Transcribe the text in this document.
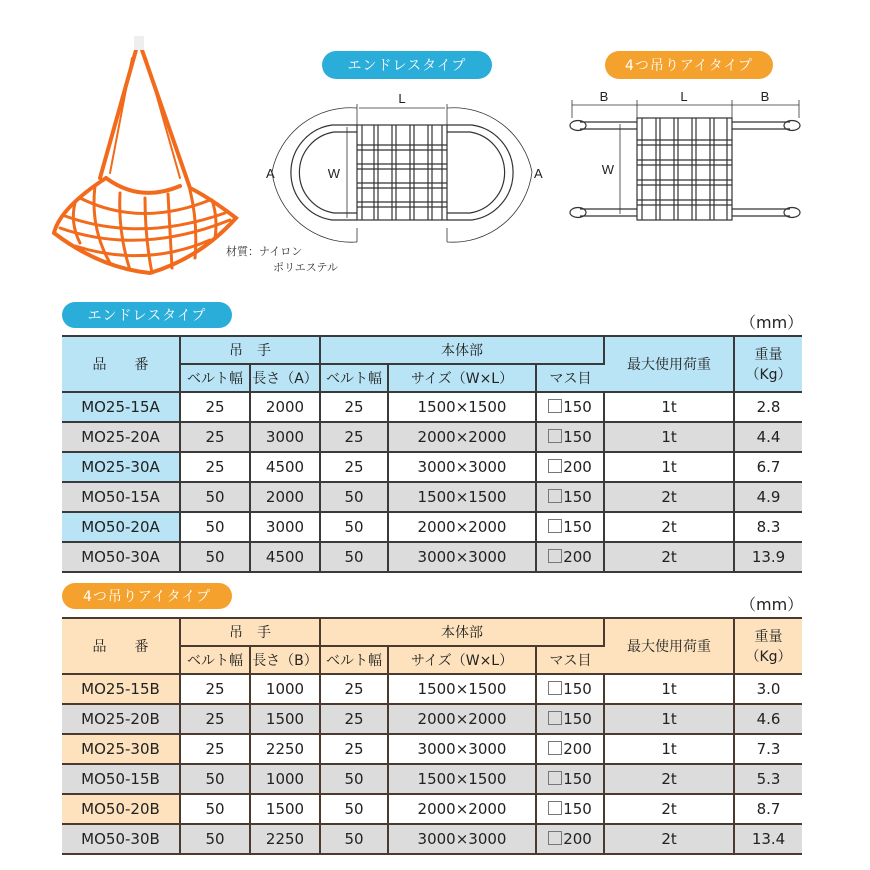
エンドレスタイプ	4つ吊りアイタイプ
L
W
A	A
B	L	B
W
材質：ナイロン
ポリエステル
エンドレスタイプ	（mm）
品　　番	吊　手		本体部			最大使用荷重	重量
（Kg）

	ベルト幅	長さ（A）	ベルト幅	サイズ（W×L）	マス目		
MO25-15A	25	2000	25	1500×1500	150	1t	2.8
MO25-20A	25	3000	25	2000×2000	150	1t	4.4
MO25-30A	25	4500	25	3000×3000	200	1t	6.7
MO50-15A	50	2000	50	1500×1500	150	2t	4.9
MO50-20A	50	3000	50	2000×2000	150	2t	8.3
MO50-30A	50	4500	50	3000×3000	200	2t	13.9
4つ吊りアイタイプ	（mm）
品　　番	吊　手		本体部			最大使用荷重	重量
（Kg）

	ベルト幅	長さ（B）	ベルト幅	サイズ（W×L）	マス目		
MO25-15B	25	1000	25	1500×1500	150	1t	3.0
MO25-20B	25	1500	25	2000×2000	150	1t	4.6
MO25-30B	25	2250	25	3000×3000	200	1t	7.3
MO50-15B	50	1000	50	1500×1500	150	2t	5.3
MO50-20B	50	1500	50	2000×2000	150	2t	8.7
MO50-30B	50	2250	50	3000×3000	200	2t	13.4
